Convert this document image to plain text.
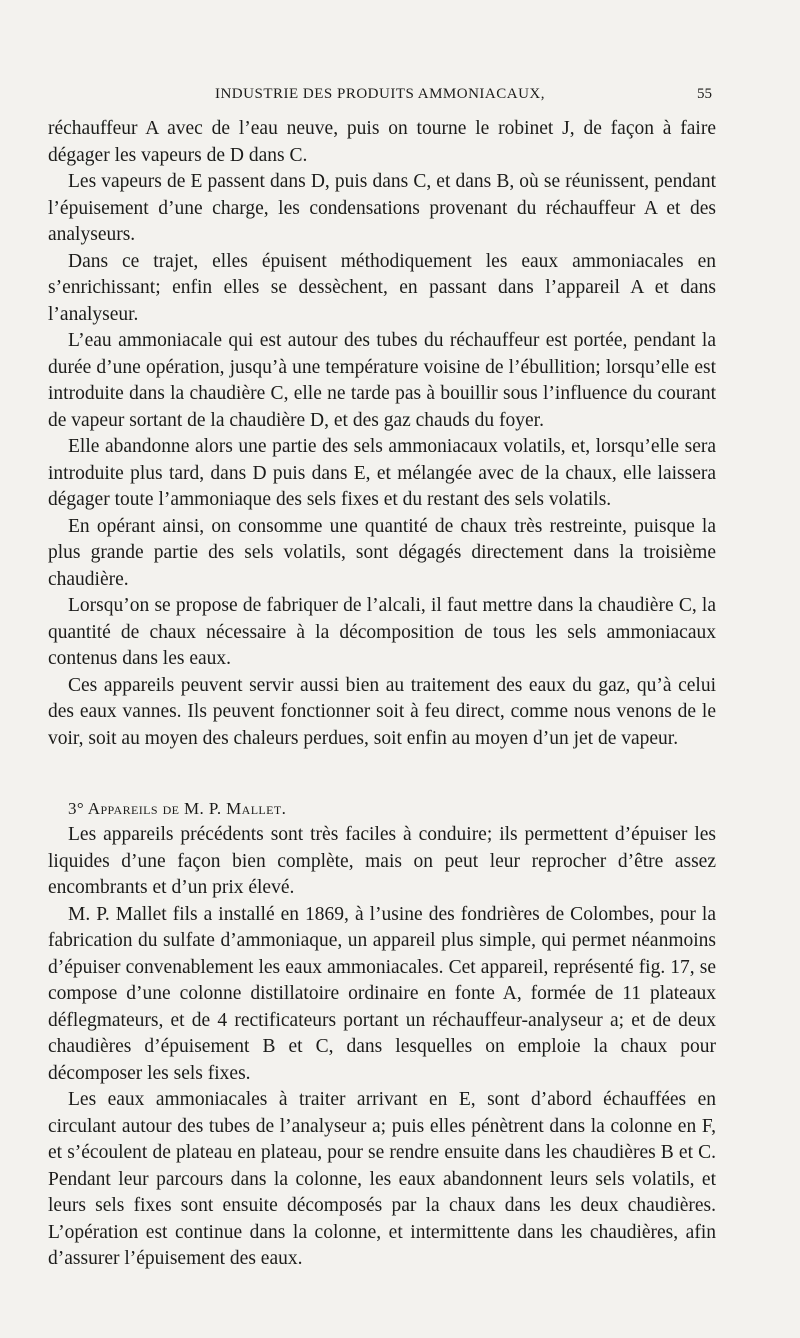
INDUSTRIE DES PRODUITS AMMONIACAUX,	55

réchauffeur A avec de l’eau neuve, puis on tourne le robinet J, de façon à faire dégager les vapeurs de D dans C.

Les vapeurs de E passent dans D, puis dans C, et dans B, où se réunissent, pendant l’épuisement d’une charge, les condensations provenant du réchauffeur A et des analyseurs.

Dans ce trajet, elles épuisent méthodiquement les eaux ammoniacales en s’enrichissant; enfin elles se dessèchent, en passant dans l’appareil A et dans l’analyseur.

L’eau ammoniacale qui est autour des tubes du réchauffeur est portée, pendant la durée d’une opération, jusqu’à une température voisine de l’ébullition; lorsqu’elle est introduite dans la chaudière C, elle ne tarde pas à bouillir sous l’influence du courant de vapeur sortant de la chaudière D, et des gaz chauds du foyer.

Elle abandonne alors une partie des sels ammoniacaux volatils, et, lorsqu’elle sera introduite plus tard, dans D puis dans E, et mélangée avec de la chaux, elle laissera dégager toute l’ammoniaque des sels fixes et du restant des sels volatils.

En opérant ainsi, on consomme une quantité de chaux très restreinte, puisque la plus grande partie des sels volatils, sont dégagés directement dans la troisième chaudière.

Lorsqu’on se propose de fabriquer de l’alcali, il faut mettre dans la chaudière C, la quantité de chaux nécessaire à la décomposition de tous les sels ammoniacaux contenus dans les eaux.

Ces appareils peuvent servir aussi bien au traitement des eaux du gaz, qu’à celui des eaux vannes. Ils peuvent fonctionner soit à feu direct, comme nous venons de le voir, soit au moyen des chaleurs perdues, soit enfin au moyen d’un jet de vapeur.

3° Appareils de M. P. Mallet.

Les appareils précédents sont très faciles à conduire; ils permettent d’épuiser les liquides d’une façon bien complète, mais on peut leur reprocher d’être assez encombrants et d’un prix élevé.

M. P. Mallet fils a installé en 1869, à l’usine des fondrières de Colombes, pour la fabrication du sulfate d’ammoniaque, un appareil plus simple, qui permet néanmoins d’épuiser convenablement les eaux ammoniacales. Cet appareil, représenté fig. 17, se compose d’une colonne distillatoire ordinaire en fonte A, formée de 11 plateaux déflegmateurs, et de 4 rectificateurs portant un réchauffeur-analyseur a; et de deux chaudières d’épuisement B et C, dans lesquelles on emploie la chaux pour décomposer les sels fixes.

Les eaux ammoniacales à traiter arrivant en E, sont d’abord échauffées en circulant autour des tubes de l’analyseur a; puis elles pénètrent dans la colonne en F, et s’écoulent de plateau en plateau, pour se rendre ensuite dans les chaudières B et C. Pendant leur parcours dans la colonne, les eaux abandonnent leurs sels volatils, et leurs sels fixes sont ensuite décomposés par la chaux dans les deux chaudières. L’opération est continue dans la colonne, et intermittente dans les chaudières, afin d’assurer l’épuisement des eaux.
